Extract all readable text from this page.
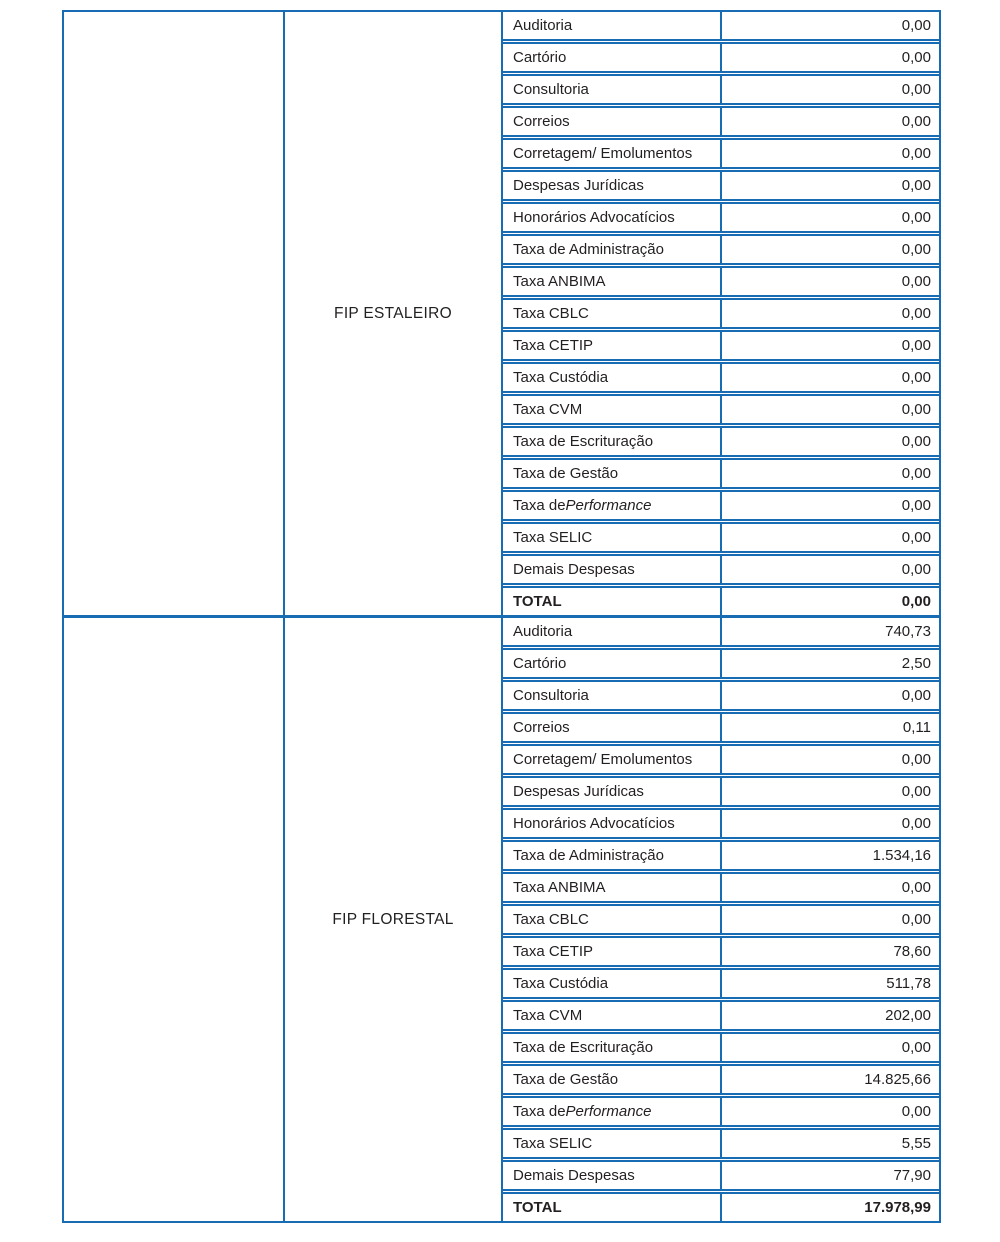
FIP ESTALEIRO
Auditoria	0,00
Cartório	0,00
Consultoria	0,00
Correios	0,00
Corretagem/ Emolumentos	0,00
Despesas Jurídicas	0,00
Honorários Advocatícios	0,00
Taxa de Administração	0,00
Taxa ANBIMA	0,00
Taxa CBLC	0,00
Taxa CETIP	0,00
Taxa Custódia	0,00
Taxa CVM	0,00
Taxa de Escrituração	0,00
Taxa de Gestão	0,00
Taxa de Performance	0,00
Taxa SELIC	0,00
Demais Despesas	0,00
TOTAL	0,00
FIP FLORESTAL
Auditoria	740,73
Cartório	2,50
Consultoria	0,00
Correios	0,11
Corretagem/ Emolumentos	0,00
Despesas Jurídicas	0,00
Honorários Advocatícios	0,00
Taxa de Administração	1.534,16
Taxa ANBIMA	0,00
Taxa CBLC	0,00
Taxa CETIP	78,60
Taxa Custódia	511,78
Taxa CVM	202,00
Taxa de Escrituração	0,00
Taxa de Gestão	14.825,66
Taxa de Performance	0,00
Taxa SELIC	5,55
Demais Despesas	77,90
TOTAL	17.978,99
